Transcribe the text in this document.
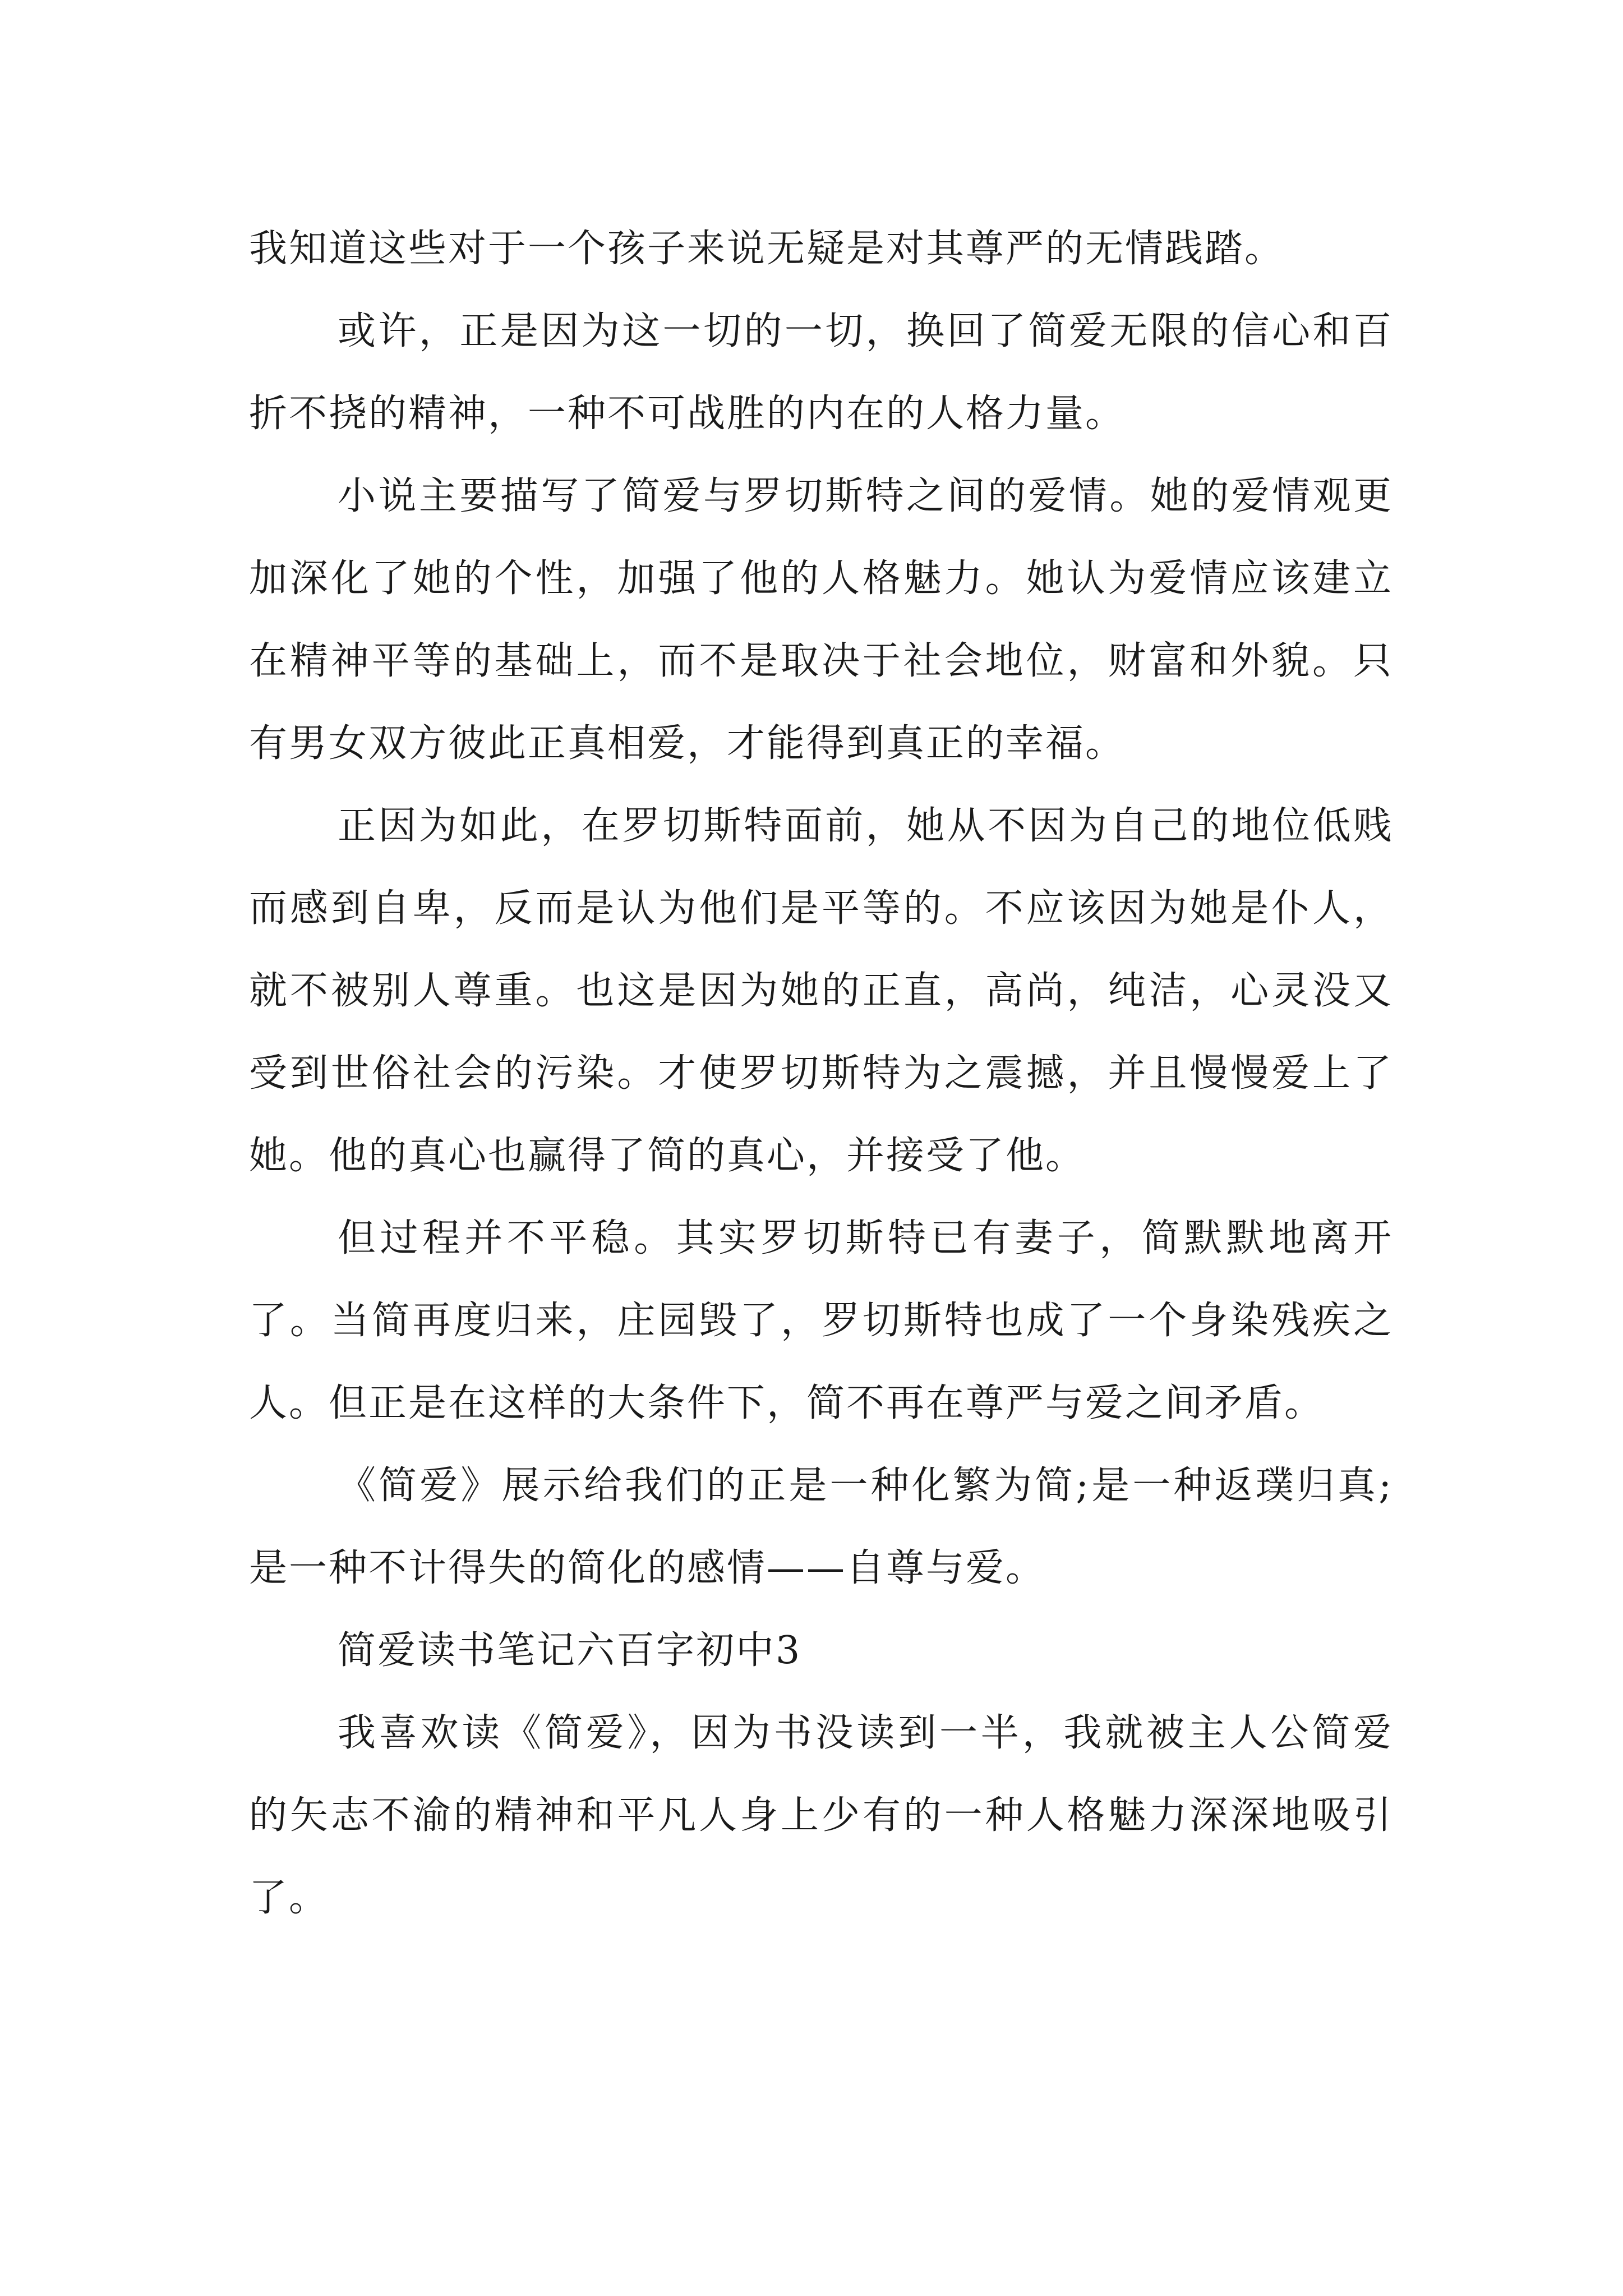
我知道这些对于一个孩子来说无疑是对其尊严的无情践踏。

或许，正是因为这一切的一切，换回了简爱无限的信心和百折不挠的精神，一种不可战胜的内在的人格力量。

小说主要描写了简爱与罗切斯特之间的爱情。她的爱情观更加深化了她的个性，加强了他的人格魅力。她认为爱情应该建立在精神平等的基础上，而不是取决于社会地位，财富和外貌。只有男女双方彼此正真相爱，才能得到真正的幸福。

正因为如此，在罗切斯特面前，她从不因为自己的地位低贱而感到自卑，反而是认为他们是平等的。不应该因为她是仆人，就不被别人尊重。也这是因为她的正直，高尚，纯洁，心灵没又受到世俗社会的污染。才使罗切斯特为之震撼，并且慢慢爱上了她。他的真心也赢得了简的真心，并接受了他。

但过程并不平稳。其实罗切斯特已有妻子，简默默地离开了。当简再度归来，庄园毁了，罗切斯特也成了一个身染残疾之人。但正是在这样的大条件下，简不再在尊严与爱之间矛盾。

《简爱》展示给我们的正是一种化繁为简;是一种返璞归真;是一种不计得失的简化的感情——自尊与爱。

简爱读书笔记六百字初中3

我喜欢读《简爱》，因为书没读到一半，我就被主人公简爱的矢志不渝的精神和平凡人身上少有的一种人格魅力深深地吸引了。
